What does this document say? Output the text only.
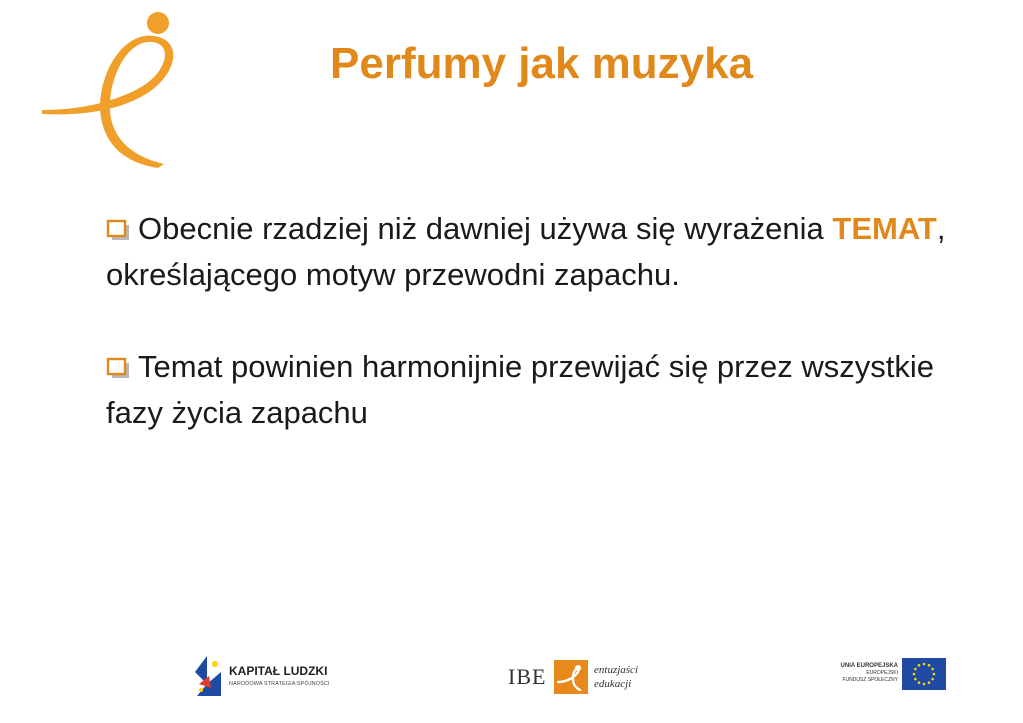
Perfumy jak muzyka
Obecnie rzadziej niż dawniej używa się wyrażenia TEMAT, określającego motyw przewodni zapachu.
Temat powinien harmonijnie przewijać się przez wszystkie fazy życia zapachu
KAPITAŁ LUDZKI
NARODOWA STRATEGIA SPÓJNOŚCI	IBE	entuzjaści
edukacji
UNIA EUROPEJSKA
EUROPEJSKI
FUNDUSZ SPOŁECZNY
